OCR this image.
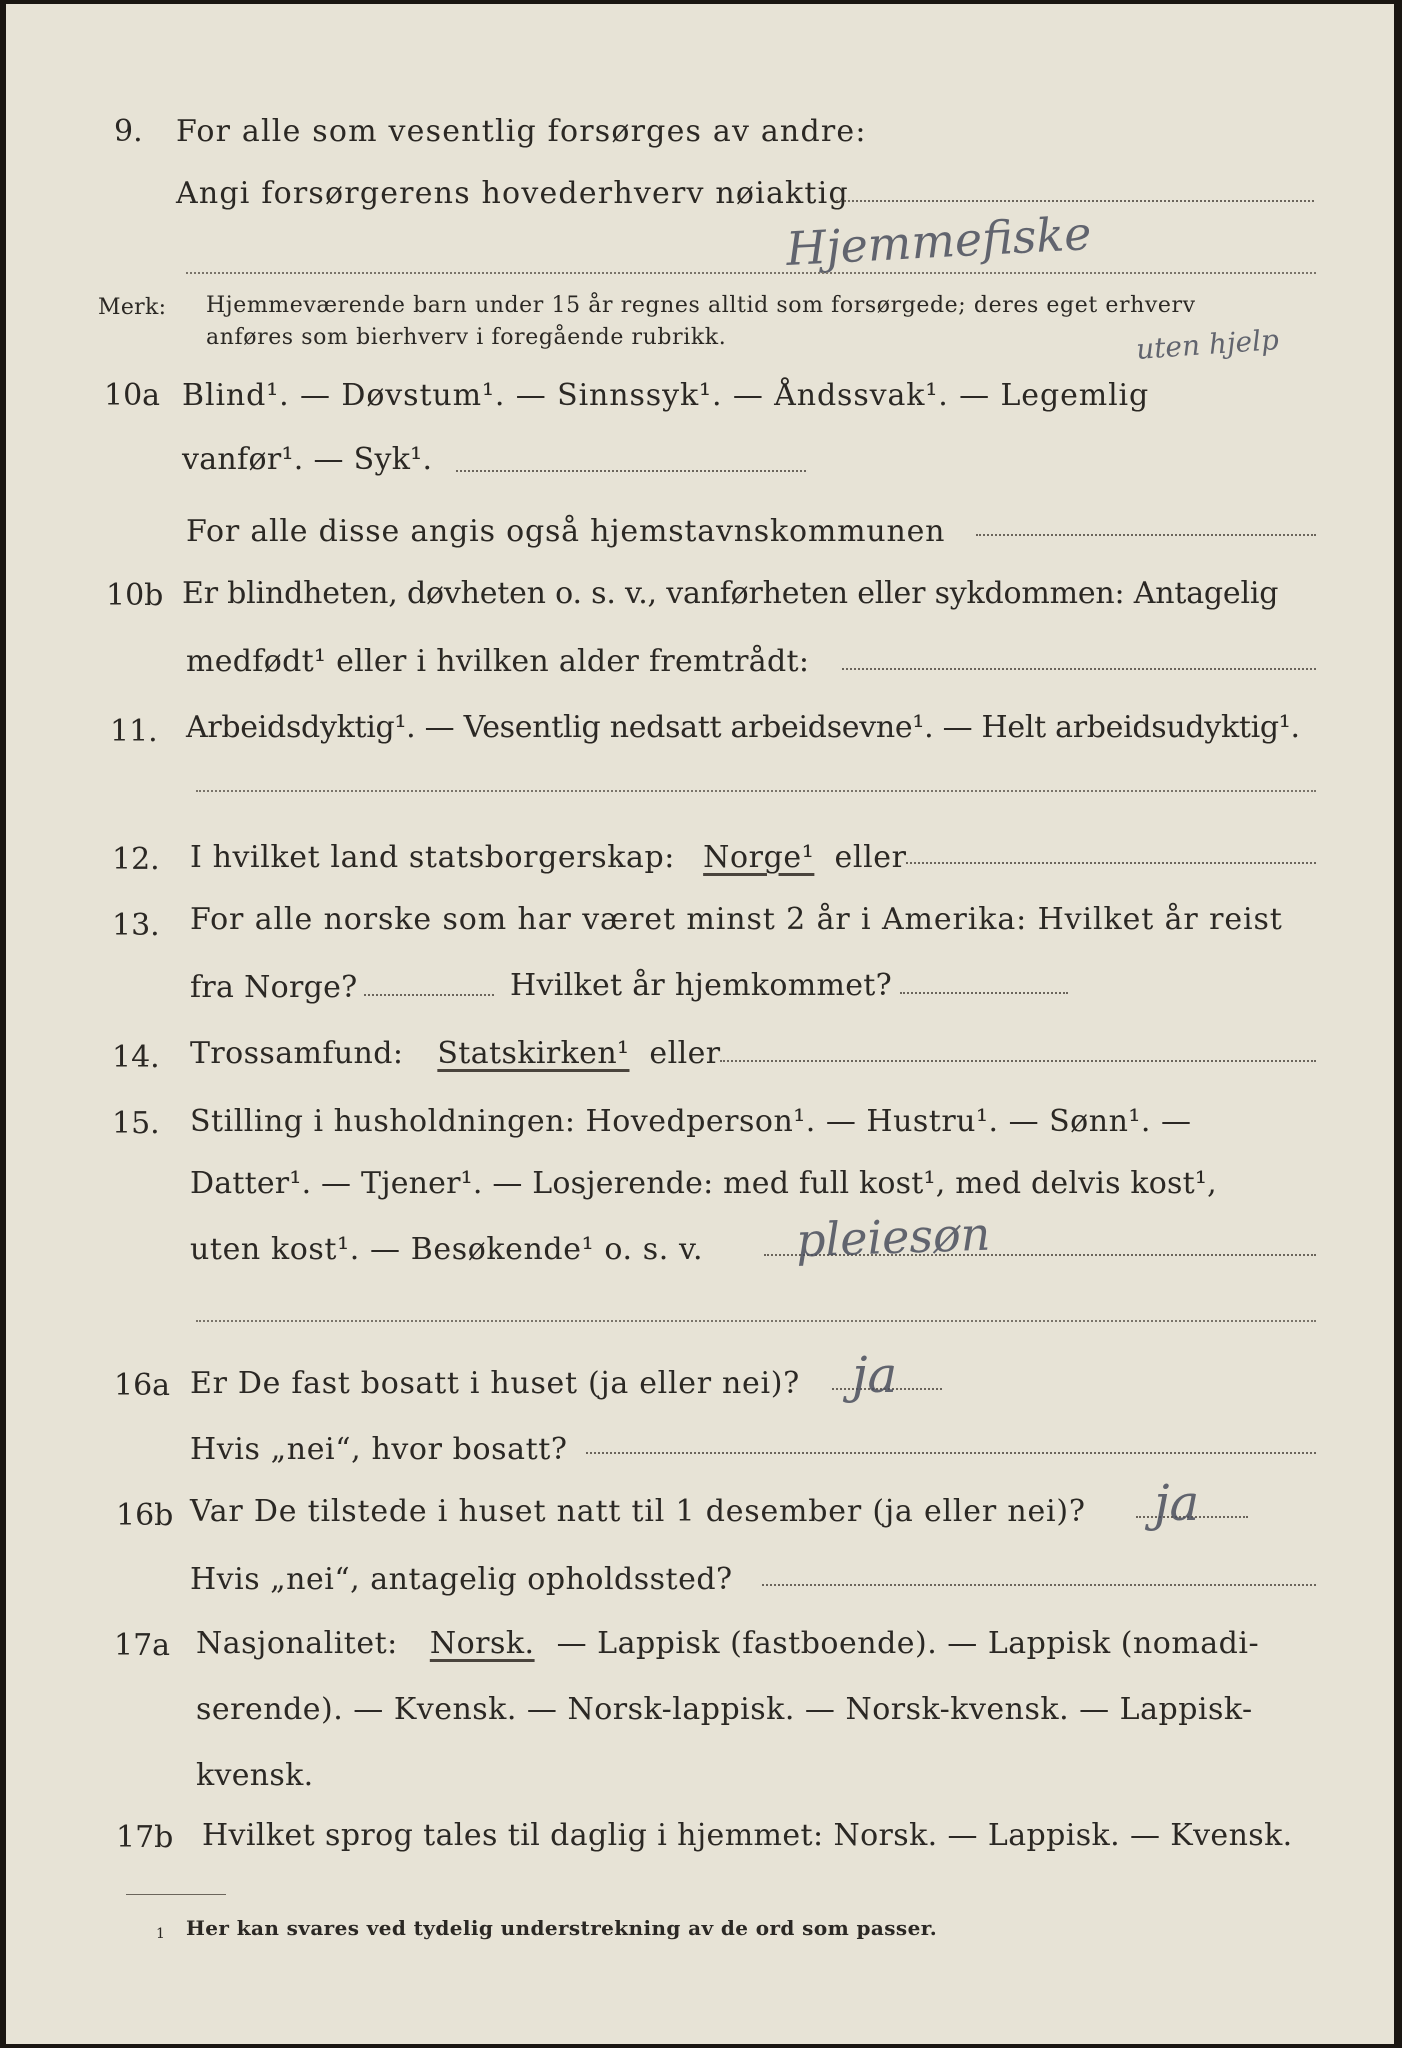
9. For alle som vesentlig forsørges av andre:
Angi forsørgerens hovederhverv nøiaktig
Hjemmefiske
Merk: Hjemmeværende barn under 15 år regnes alltid som forsørgede; deres eget erhverv
anføres som bierhverv i foregående rubrikk.	uten hjelp
10a Blind¹. — Døvstum¹. — Sinnssyk¹. — Åndssvak¹. — Legemlig
vanfør¹. — Syk¹.
For alle disse angis også hjemstavnskommunen
10b Er blindheten, døvheten o. s. v., vanførheten eller sykdommen: Antagelig
medfødt¹ eller i hvilken alder fremtrådt:
11. Arbeidsdyktig¹. — Vesentlig nedsatt arbeidsevne¹. — Helt arbeidsudyktig¹.
12. I hvilket land statsborgerskap: Norge¹ eller
13. For alle norske som har været minst 2 år i Amerika: Hvilket år reist
fra Norge?	Hvilket år hjemkommet?
14. Trossamfund: Statskirken¹ eller
15. Stilling i husholdningen: Hovedperson¹. — Hustru¹. — Sønn¹. —
Datter¹. — Tjener¹. — Losjerende: med full kost¹, med delvis kost¹,
uten kost¹. — Besøkende¹ o. s. v. pleiesøn
16a Er De fast bosatt i huset (ja eller nei)? ja
Hvis „nei“, hvor bosatt?
16b Var De tilstede i huset natt til 1 desember (ja eller nei)? ja
Hvis „nei“, antagelig opholdssted?
17a Nasjonalitet: Norsk. — Lappisk (fastboende). — Lappisk (nomadi-
serende). — Kvensk. — Norsk-lappisk. — Norsk-kvensk. — Lappisk-
kvensk.
17b Hvilket sprog tales til daglig i hjemmet: Norsk. — Lappisk. — Kvensk.
1 Her kan svares ved tydelig understrekning av de ord som passer.
